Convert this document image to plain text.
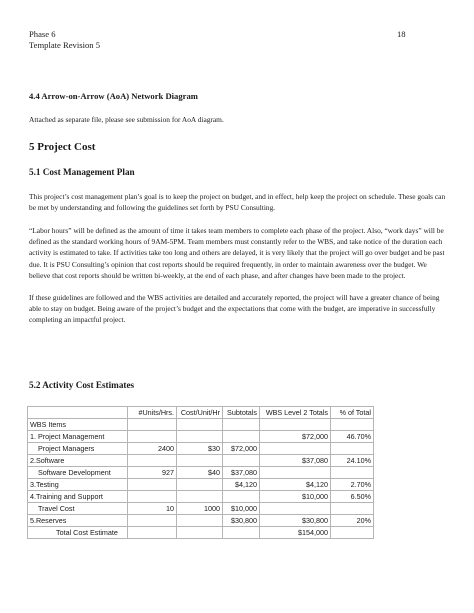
Phase 6
Template Revision 5
18
4.4 Arrow-on-Arrow (AoA) Network Diagram

Attached as separate file, please see submission for AoA diagram.

5 Project Cost
5.1 Cost Management Plan

This project’s cost management plan’s goal is to keep the project on budget, and in effect, help keep the project on schedule. These goals can be met by understanding and following the guidelines set forth by PSU Consulting.

“Labor hours” will be defined as the amount of time it takes team members to complete each phase of the project. Also, “work days” will be defined as the standard working hours of 9AM-5PM. Team members must constantly refer to the WBS, and take notice of the duration each activity is estimated to take. If activities take too long and others are delayed, it is very likely that the project will go over budget and be past due. It is PSU Consulting’s opinion that cost reports should be required frequently, in order to maintain awareness over the budget. We believe that cost reports should be written bi-weekly, at the end of each phase, and after changes have been made to the project.

If these guidelines are followed and the WBS activities are detailed and accurately reported, the project will have a greater chance of being able to stay on budget. Being aware of the project’s budget and the expectations that come with the budget, are imperative in successfully completing an impactful project.

5.2 Activity Cost Estimates
	#Units/Hrs.	Cost/Unit/Hr	Subtotals	WBS Level 2 Totals	% of Total
WBS Items					
1. Project Management				$72,000	46.70%
Project Managers	2400	$30	$72,000		
2.Software				$37,080	24.10%
Software Development	927	$40	$37,080		
3.Testing			$4,120	$4,120	2.70%
4.Training and Support				$10,000	6.50%
Travel Cost	10	1000	$10,000		
5.Reserves			$30,800	$30,800	20%
Total Cost Estimate				$154,000	
